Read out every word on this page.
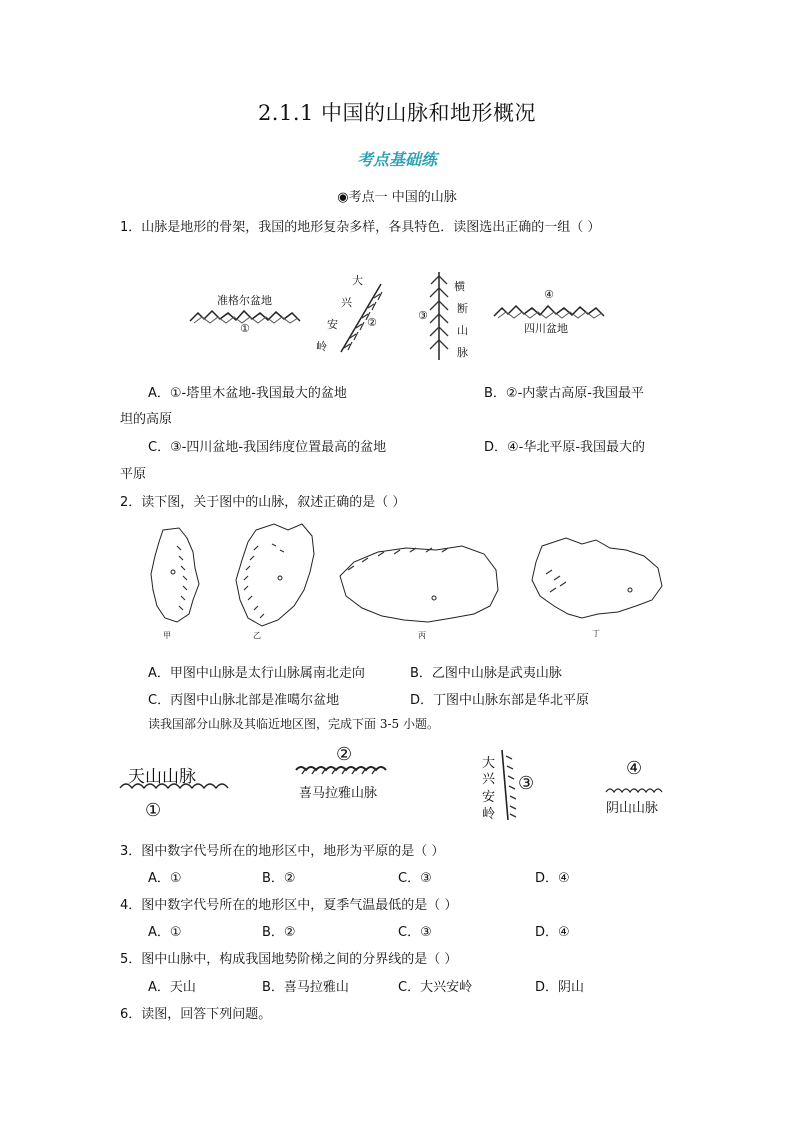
2.1.1 中国的山脉和地形概况
考点基础练
◉考点一 中国的山脉
1．山脉是地形的骨架，我国的地形复杂多样，各具特色．读图选出正确的一组（ ）
准格尔盆地
①
大
兴
安
岭
②
横
断
山
脉
③
④
四川盆地
A．①-塔里木盆地-我国最大的盆地	B．②-内蒙古高原-我国最平
坦的高原
C．③-四川盆地-我国纬度位置最高的盆地	D．④-华北平原-我国最大的
平原
2．读下图，关于图中的山脉，叙述正确的是（ ）
甲	乙	丙	丁
A．甲图中山脉是太行山脉属南北走向	B．乙图中山脉是武夷山脉
C．丙图中山脉北部是准噶尔盆地	D．丁图中山脉东部是华北平原
读我国部分山脉及其临近地区图，完成下面 3-5 小题。
天山山脉
①
②
喜马拉雅山脉
大
兴
安
岭
③
④
阴山山脉
3．图中数字代号所在的地形区中，地形为平原的是（ ）
A．①	B．②	C．③	D．④
4．图中数字代号所在的地形区中，夏季气温最低的是（ ）
A．①	B．②	C．③	D．④
5．图中山脉中，构成我国地势阶梯之间的分界线的是（ ）
A．天山	B．喜马拉雅山	C．大兴安岭	D．阴山
6．读图，回答下列问题。
